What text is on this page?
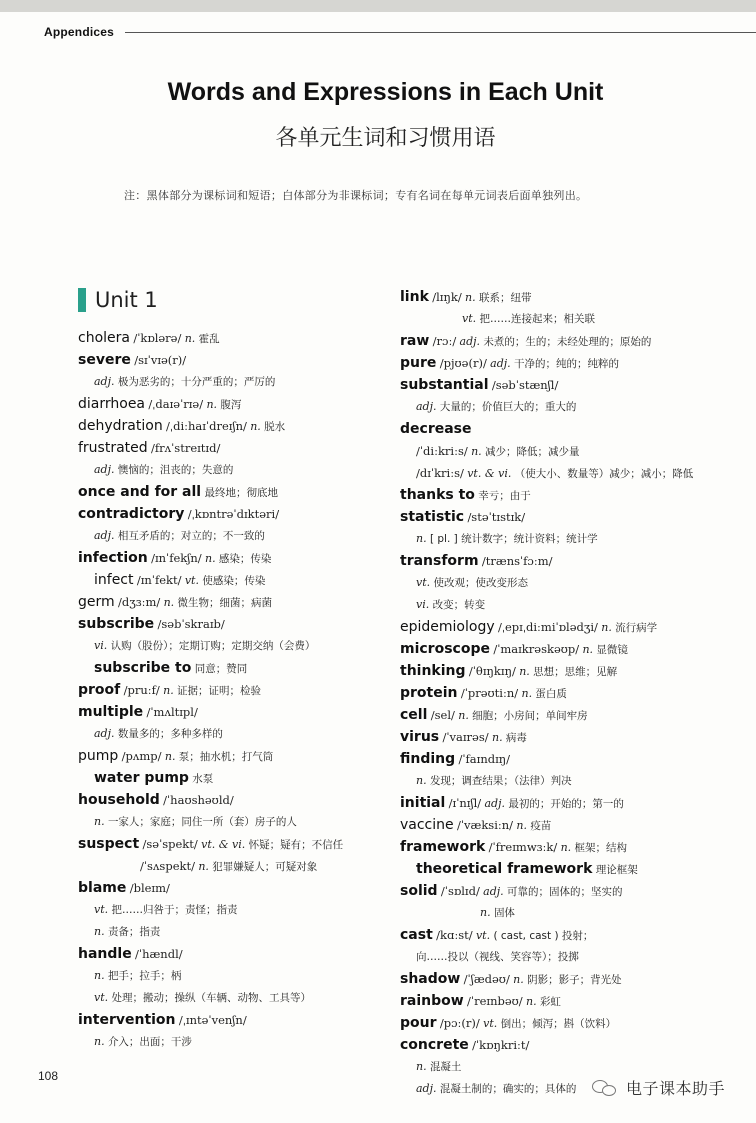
Appendices
Words and Expressions in Each Unit
各单元生词和习惯用语
注：黑体部分为课标词和短语；白体部分为非课标词；专有名词在每单元词表后面单独列出。
Unit 1
cholera /ˈkɒlərə/ n. 霍乱
severe /sɪˈvɪə(r)/
adj. 极为恶劣的；十分严重的；严厉的
diarrhoea /ˌdaɪəˈrɪə/ n. 腹泻
dehydration /ˌdiːhaɪˈdreɪʃn/ n. 脱水
frustrated /frʌˈstreɪtɪd/
adj. 懊恼的；沮丧的；失意的
once and for all 最终地；彻底地
contradictory /ˌkɒntrəˈdɪktəri/
adj. 相互矛盾的；对立的；不一致的
infection /ɪnˈfekʃn/ n. 感染；传染
infect /ɪnˈfekt/ vt. 使感染；传染
germ /dʒɜːm/ n. 微生物；细菌；病菌
subscribe /səbˈskraɪb/
vi. 认购（股份）；定期订购；定期交纳（会费）
subscribe to 同意；赞同
proof /pruːf/ n. 证据；证明；检验
multiple /ˈmʌltɪpl/
adj. 数量多的；多种多样的
pump /pʌmp/ n. 泵；抽水机；打气筒
water pump 水泵
household /ˈhaʊshəʊld/
n. 一家人；家庭；同住一所（套）房子的人
suspect /səˈspekt/ vt. & vi. 怀疑；疑有；不信任
/ˈsʌspekt/ n. 犯罪嫌疑人；可疑对象
blame /bleɪm/
vt. 把……归咎于；责怪；指责
n. 责备；指责
handle /ˈhændl/
n. 把手；拉手；柄
vt. 处理；搬动；操纵（车辆、动物、工具等）
intervention /ˌɪntəˈvenʃn/
n. 介入；出面；干涉
link /lɪŋk/ n. 联系；纽带
vt. 把……连接起来；相关联
raw /rɔː/ adj. 未煮的；生的；未经处理的；原始的
pure /pjʊə(r)/ adj. 干净的；纯的；纯粹的
substantial /səbˈstænʃl/
adj. 大量的；价值巨大的；重大的
decrease
/ˈdiːkriːs/ n. 减少；降低；减少量
/dɪˈkriːs/ vt. & vi. （使大小、数量等）减少；减小；降低
thanks to 幸亏；由于
statistic /stəˈtɪstɪk/
n. [ pl. ] 统计数字；统计资料；统计学
transform /trænsˈfɔːm/
vt. 使改观；使改变形态
vi. 改变；转变
epidemiology /ˌepɪˌdiːmiˈɒlədʒi/ n. 流行病学
microscope /ˈmaɪkrəskəʊp/ n. 显微镜
thinking /ˈθɪŋkɪŋ/ n. 思想；思维；见解
protein /ˈprəʊtiːn/ n. 蛋白质
cell /sel/ n. 细胞；小房间；单间牢房
virus /ˈvaɪrəs/ n. 病毒
finding /ˈfaɪndɪŋ/
n. 发现；调查结果；（法律）判决
initial /ɪˈnɪʃl/ adj. 最初的；开始的；第一的
vaccine /ˈvæksiːn/ n. 疫苗
framework /ˈfreɪmwɜːk/ n. 框架；结构
theoretical framework 理论框架
solid /ˈsɒlɪd/ adj. 可靠的；固体的；坚实的
n. 固体
cast /kɑːst/ vt. ( cast, cast ) 投射；
向……投以（视线、笑容等）；投掷
shadow /ˈʃædəʊ/ n. 阴影；影子；背光处
rainbow /ˈreɪnbəʊ/ n. 彩虹
pour /pɔː(r)/ vt. 倒出；倾泻；斟（饮料）
concrete /ˈkɒŋkriːt/
n. 混凝土
adj. 混凝土制的；确实的；具体的
108
电子课本助手
